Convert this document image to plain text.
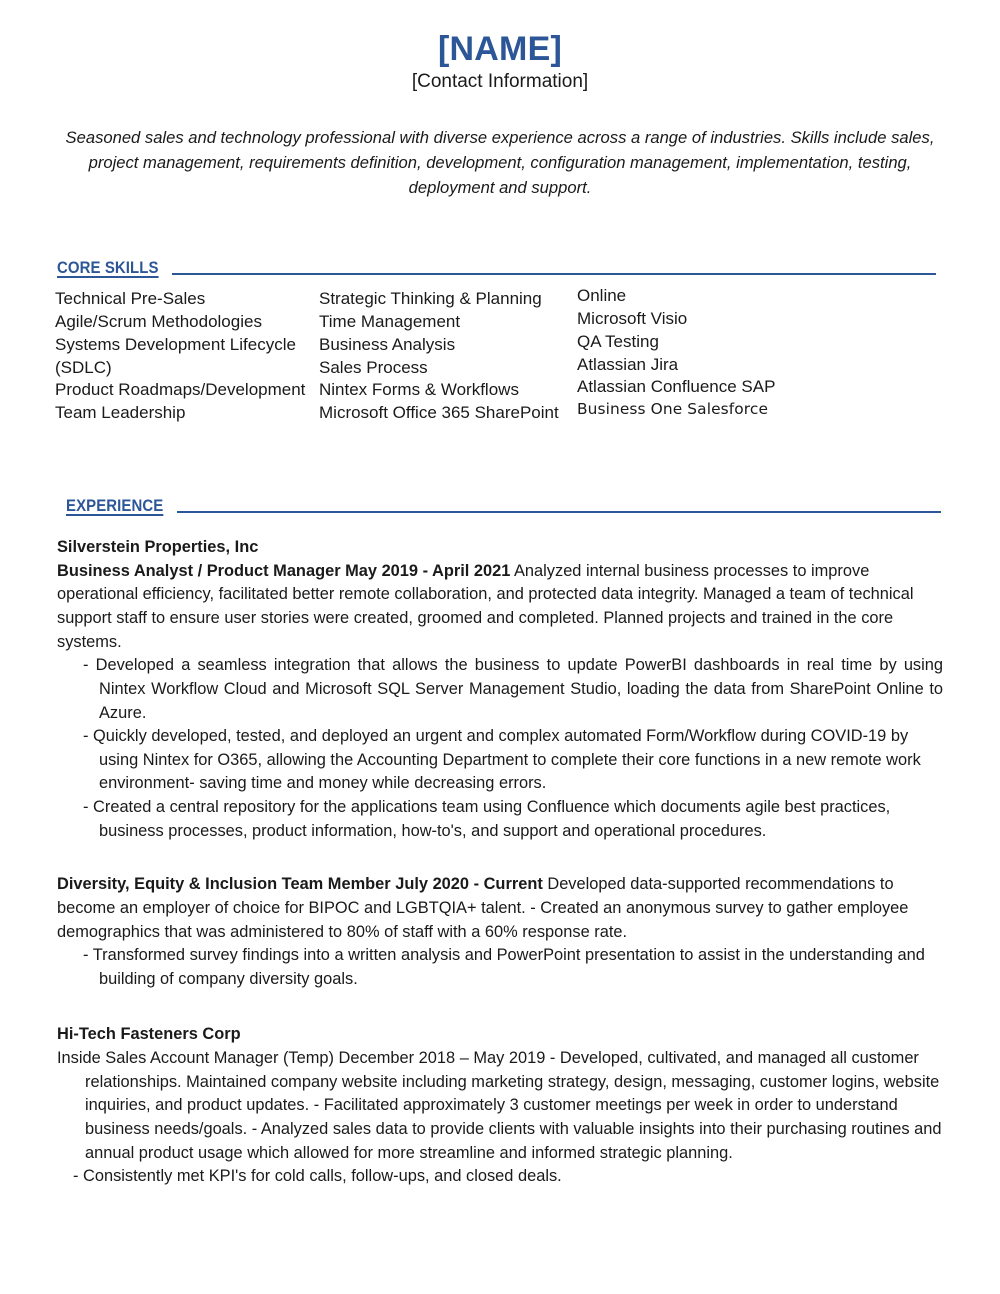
[NAME]
[Contact Information]
Seasoned sales and technology professional with diverse experience across a range of industries. Skills include sales, project management, requirements definition, development, configuration management, implementation, testing, deployment and support.
CORE SKILLS
Technical Pre-Sales
Agile/Scrum Methodologies
Systems Development Lifecycle
(SDLC)
Product Roadmaps/Development
Team Leadership
Strategic Thinking & Planning
Time Management
Business Analysis
Sales Process
Nintex Forms & Workflows
Microsoft Office 365 SharePoint
Online
Microsoft Visio
QA Testing
Atlassian Jira
Atlassian Confluence SAP
Business One Salesforce
EXPERIENCE
Silverstein Properties, Inc

Business Analyst / Product Manager May 2019 - April 2021 Analyzed internal business processes to improve operational efficiency, facilitated better remote collaboration, and protected data integrity. Managed a team of technical support staff to ensure user stories were created, groomed and completed. Planned projects and trained in the core systems.

- Developed a seamless integration that allows the business to update PowerBI dashboards in real time by using Nintex Workflow Cloud and Microsoft SQL Server Management Studio, loading the data from SharePoint Online to Azure.
- Quickly developed, tested, and deployed an urgent and complex automated Form/Workflow during COVID-19 by using Nintex for O365, allowing the Accounting Department to complete their core functions in a new remote work environment- saving time and money while decreasing errors.
- Created a central repository for the applications team using Confluence which documents agile best practices, business processes, product information, how-to's, and support and operational procedures.

Diversity, Equity & Inclusion Team Member July 2020 - Current Developed data-supported recommendations to become an employer of choice for BIPOC and LGBTQIA+ talent. - Created an anonymous survey to gather employee demographics that was administered to 80% of staff with a 60% response rate.

- Transformed survey findings into a written analysis and PowerPoint presentation to assist in the understanding and building of company diversity goals.
Hi-Tech Fasteners Corp

Inside Sales Account Manager (Temp) December 2018 – May 2019 - Developed, cultivated, and managed all customer relationships. Maintained company website including marketing strategy, design, messaging, customer logins, website inquiries, and product updates. - Facilitated approximately 3 customer meetings per week in order to understand business needs/goals. - Analyzed sales data to provide clients with valuable insights into their purchasing routines and annual product usage which allowed for more streamline and informed strategic planning.

- Consistently met KPI's for cold calls, follow-ups, and closed deals.
